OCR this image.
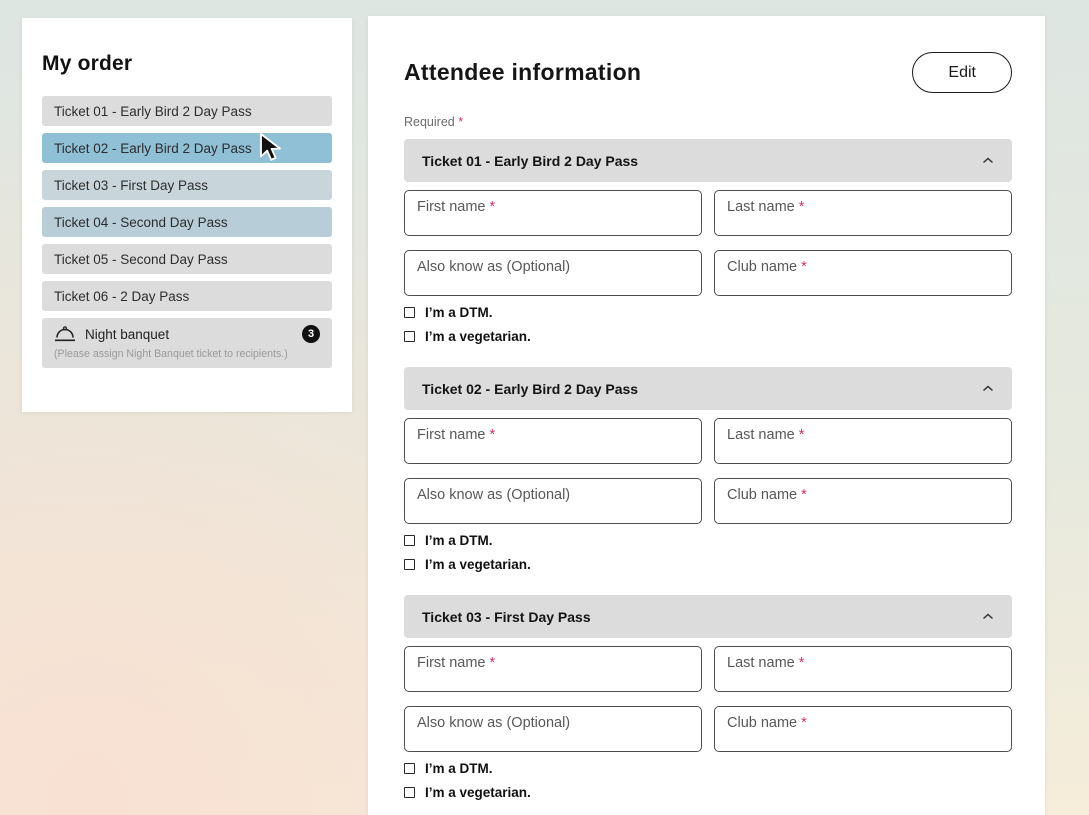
My order
Ticket 01 - Early Bird 2 Day Pass
Ticket 02 - Early Bird 2 Day Pass
Ticket 03 - First Day Pass
Ticket 04 - Second Day Pass
Ticket 05 - Second Day Pass
Ticket 06 - 2 Day Pass
Night banquet	3
(Please assign Night Banquet ticket to recipients.)
Attendee information	Edit
Required *
Ticket 01 - Early Bird 2 Day Pass
First name *	Last name *
Also know as (Optional)	Club name *
I’m a DTM.
I’m a vegetarian.
Ticket 02 - Early Bird 2 Day Pass
First name *	Last name *
Also know as (Optional)	Club name *
I’m a DTM.
I’m a vegetarian.
Ticket 03 - First Day Pass
First name *	Last name *
Also know as (Optional)	Club name *
I’m a DTM.
I’m a vegetarian.
